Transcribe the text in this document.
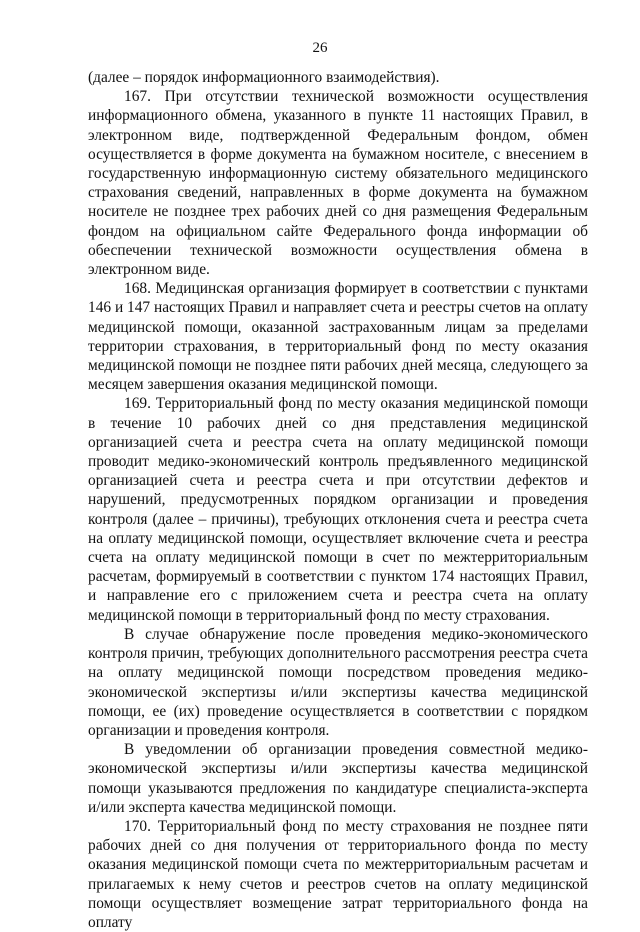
26

(далее – порядок информационного взаимодействия).

167. При отсутствии технической возможности осуществления информационного обмена, указанного в пункте 11 настоящих Правил, в электронном виде, подтвержденной Федеральным фондом, обмен осуществляется в форме документа на бумажном носителе, с внесением в государственную информационную систему обязательного медицинского страхования сведений, направленных в форме документа на бумажном носителе не позднее трех рабочих дней со дня размещения Федеральным фондом на официальном сайте Федерального фонда информации об обеспечении технической возможности осуществления обмена в электронном виде.

168. Медицинская организация формирует в соответствии с пунктами 146 и 147 настоящих Правил и направляет счета и реестры счетов на оплату медицинской помощи, оказанной застрахованным лицам за пределами территории страхования, в территориальный фонд по месту оказания медицинской помощи не позднее пяти рабочих дней месяца, следующего за месяцем завершения оказания медицинской помощи.

169. Территориальный фонд по месту оказания медицинской помощи в течение 10 рабочих дней со дня представления медицинской организацией счета и реестра счета на оплату медицинской помощи проводит медико-экономический контроль предъявленного медицинской организацией счета и реестра счета и при отсутствии дефектов и нарушений, предусмотренных порядком организации и проведения контроля (далее – причины), требующих отклонения счета и реестра счета на оплату медицинской помощи, осуществляет включение счета и реестра счета на оплату медицинской помощи в счет по межтерриториальным расчетам, формируемый в соответствии с пунктом 174 настоящих Правил, и направление его с приложением счета и реестра счета на оплату медицинской помощи в территориальный фонд по месту страхования.

В случае обнаружение после проведения медико-экономического контроля причин, требующих дополнительного рассмотрения реестра счета на оплату медицинской помощи посредством проведения медико-экономической экспертизы и/или экспертизы качества медицинской помощи, ее (их) проведение осуществляется в соответствии с порядком организации и проведения контроля.

В уведомлении об организации проведения совместной медико-экономической экспертизы и/или экспертизы качества медицинской помощи указываются предложения по кандидатуре специалиста-эксперта и/или эксперта качества медицинской помощи.

170. Территориальный фонд по месту страхования не позднее пяти рабочих дней со дня получения от территориального фонда по месту оказания медицинской помощи счета по межтерриториальным расчетам и прилагаемых к нему счетов и реестров счетов на оплату медицинской помощи осуществляет возмещение затрат территориального фонда на оплату
